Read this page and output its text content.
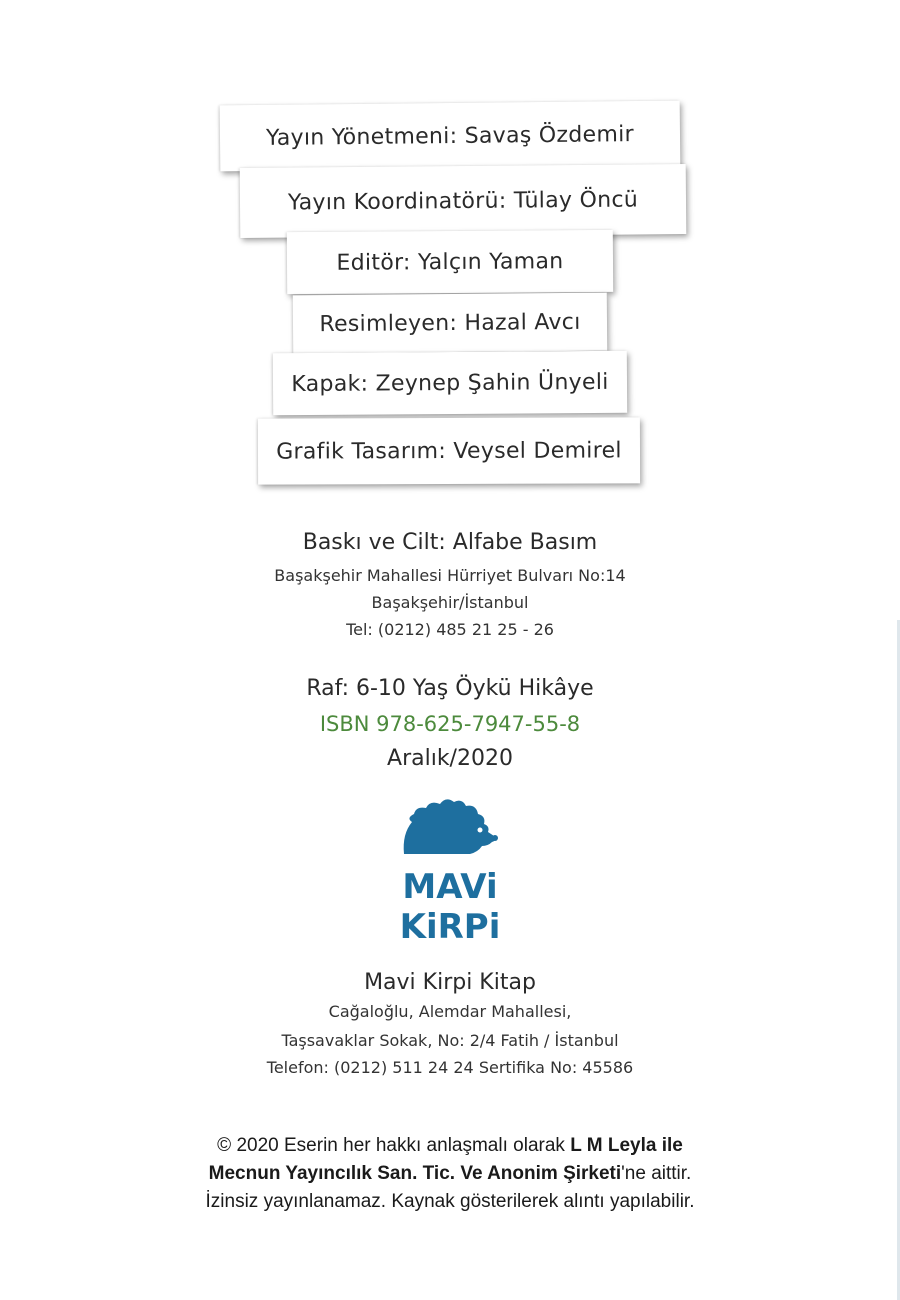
Yayın Yönetmeni: Savaş Özdemir
Yayın Koordinatörü: Tülay Öncü
Editör: Yalçın Yaman
Resimleyen: Hazal Avcı
Kapak: Zeynep Şahin Ünyeli
Grafik Tasarım: Veysel Demirel
Baskı ve Cilt: Alfabe Basım
Başakşehir Mahallesi Hürriyet Bulvarı No:14
Başakşehir/İstanbul
Tel: (0212) 485 21 25 - 26
Raf: 6-10 Yaş Öykü Hikâye
ISBN 978-625-7947-55-8
Aralık/2020
MAVi
KiRPi
Mavi Kirpi Kitap
Cağaloğlu, Alemdar Mahallesi,
Taşsavaklar Sokak, No: 2/4 Fatih / İstanbul
Telefon: (0212) 511 24 24 Sertifika No: 45586
© 2020 Eserin her hakkı anlaşmalı olarak L M Leyla ile
Mecnun Yayıncılık San. Tic. Ve Anonim Şirketi'ne aittir.
İzinsiz yayınlanamaz. Kaynak gösterilerek alıntı yapılabilir.
